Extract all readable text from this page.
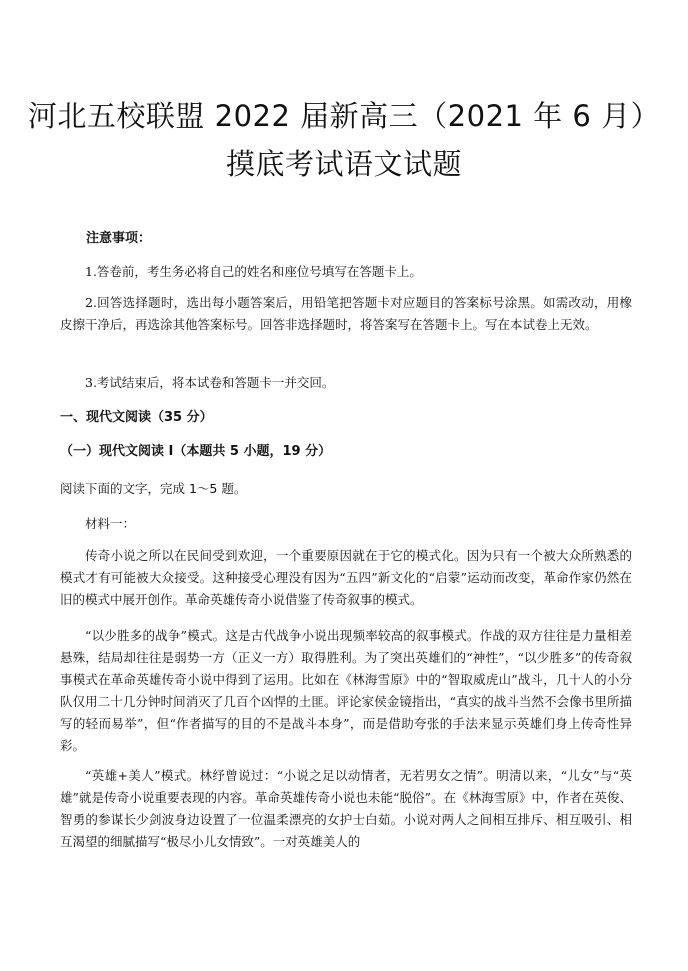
河北五校联盟 2022 届新高三（2021 年 6 月）
摸底考试语文试题
注意事项：

1.答卷前，考生务必将自己的姓名和座位号填写在答题卡上。

2.回答选择题时，选出每小题答案后，用铅笔把答题卡对应题目的答案标号涂黑。如需改动，用橡皮擦干净后，再选涂其他答案标号。回答非选择题时，将答案写在答题卡上。写在本试卷上无效。

3.考试结束后，将本试卷和答题卡一并交回。

一、现代文阅读（35 分）
（一）现代文阅读 I（本题共 5 小题，19 分）

阅读下面的文字，完成 1～5 题。

材料一：

传奇小说之所以在民间受到欢迎，一个重要原因就在于它的模式化。因为只有一个被大众所熟悉的模式才有可能被大众接受。这种接受心理没有因为“五四”新文化的“启蒙”运动而改变，革命作家仍然在旧的模式中展开创作。革命英雄传奇小说借鉴了传奇叙事的模式。

“以少胜多的战争”模式。这是古代战争小说出现频率较高的叙事模式。作战的双方往往是力量相差悬殊，结局却往往是弱势一方（正义一方）取得胜利。为了突出英雄们的“神性”，“以少胜多”的传奇叙事模式在革命英雄传奇小说中得到了运用。比如在《林海雪原》中的“智取威虎山”战斗，几十人的小分队仅用二十几分钟时间消灭了几百个凶悍的土匪。评论家侯金镜指出，“真实的战斗当然不会像书里所描写的轻而易举”，但“作者描写的目的不是战斗本身”，而是借助夸张的手法来显示英雄们身上传奇性异彩。

“英雄+美人”模式。林纾曾说过：“小说之足以动情者，无若男女之情”。明清以来，“儿女”与“英雄”就是传奇小说重要表现的内容。革命英雄传奇小说也未能“脱俗”。在《林海雪原》中，作者在英俊、智勇的参谋长少剑波身边设置了一位温柔漂亮的女护士白茹。小说对两人之间相互排斥、相互吸引、相互渴望的细腻描写“极尽小儿女情致”。一对英雄美人的
